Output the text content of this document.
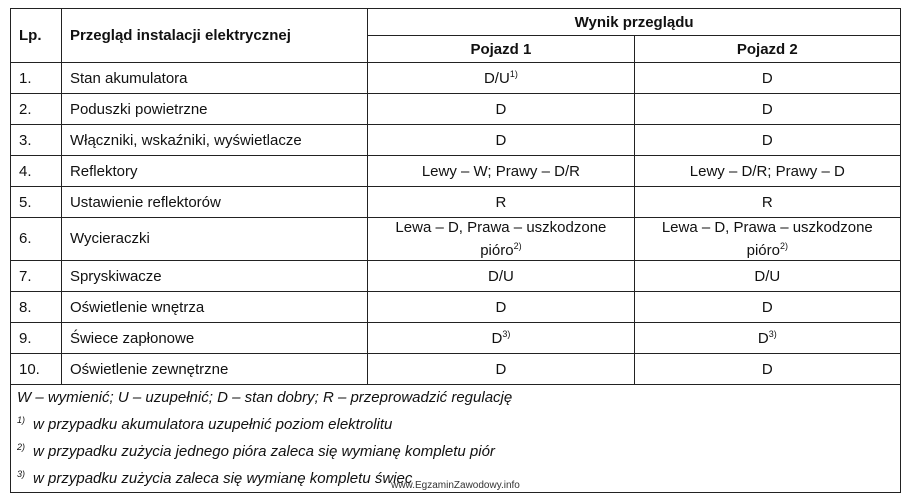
Lp.	Przegląd instalacji elektrycznej	Wynik przeglądu	
		Pojazd 1	Pojazd 2
1.	Stan akumulatora	$D/U^{1)}$	D
2.	Poduszki powietrzne	D	D
3.	Włączniki, wskaźniki, wyświetlacze	D	D
4.	Reflektory	Lewy – W; Prawy – D/R	Lewy – D/R; Prawy – D
5.	Ustawienie reflektorów	R	R
6.	Wycieraczki	Lewa – D, Prawa – uszkodzone pióro$^{2)}$	Lewa – D, Prawa – uszkodzone pióro$^{2)}$
7.	Spryskiwacze	D/U	D/U
8.	Oświetlenie wnętrza	D	D
9.	Świece zapłonowe	$D^{3)}$	$D^{3)}$
10.	Oświetlenie zewnętrzne	D	D

W – wymienić; U – uzupełnić; D – stan dobry; R – przeprowadzić regulację
$^{1)}$ w przypadku akumulatora uzupełnić poziom elektrolitu
$^{2)}$ w przypadku zużycia jednego pióra zaleca się wymianę kompletu piór
$^{3)}$ w przypadku zużycia zaleca się wymianę kompletu świec			
www.EgzaminZawodowy.info
